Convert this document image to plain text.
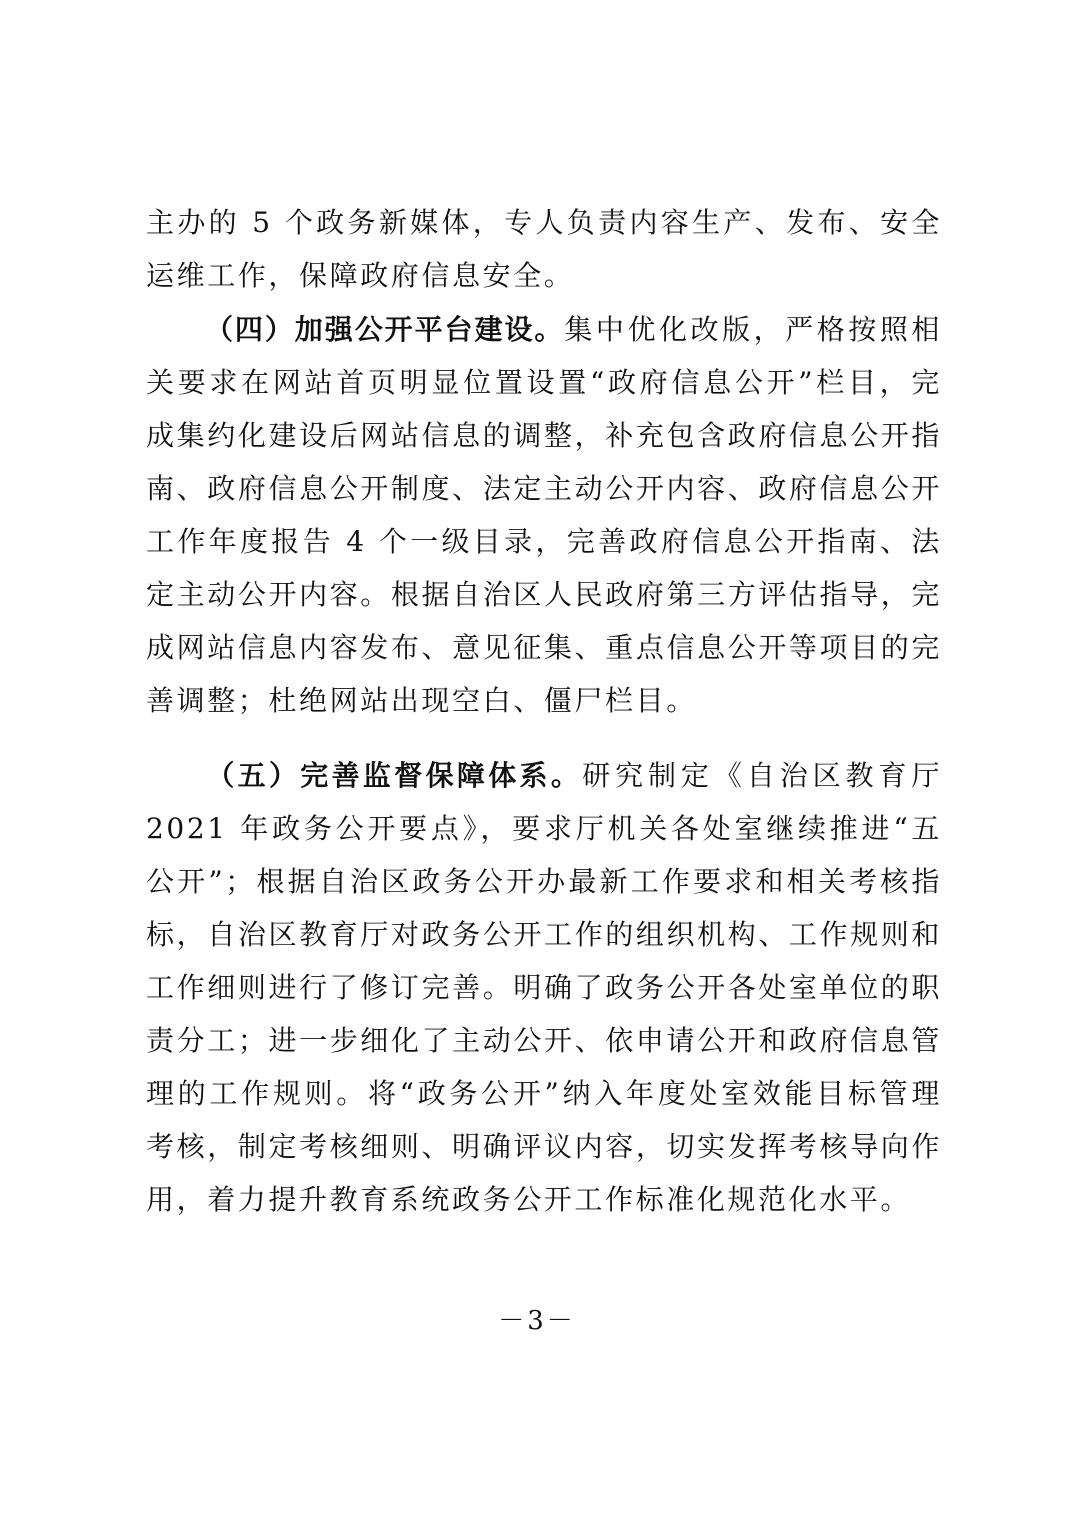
主办的 5 个政务新媒体，专人负责内容生产、发布、安全运维工作，保障政府信息安全。

（四）加强公开平台建设。集中优化改版，严格按照相关要求在网站首页明显位置设置“政府信息公开”栏目，完成集约化建设后网站信息的调整，补充包含政府信息公开指南、政府信息公开制度、法定主动公开内容、政府信息公开工作年度报告 4 个一级目录，完善政府信息公开指南、法定主动公开内容。根据自治区人民政府第三方评估指导，完成网站信息内容发布、意见征集、重点信息公开等项目的完善调整；杜绝网站出现空白、僵尸栏目。

（五）完善监督保障体系。研究制定《自治区教育厅 2021 年政务公开要点》，要求厅机关各处室继续推进“五公开”；根据自治区政务公开办最新工作要求和相关考核指标，自治区教育厅对政务公开工作的组织机构、工作规则和工作细则进行了修订完善。明确了政务公开各处室单位的职责分工；进一步细化了主动公开、依申请公开和政府信息管理的工作规则。将“政务公开”纳入年度处室效能目标管理考核，制定考核细则、明确评议内容，切实发挥考核导向作用，着力提升教育系统政务公开工作标准化规范化水平。

－3－
